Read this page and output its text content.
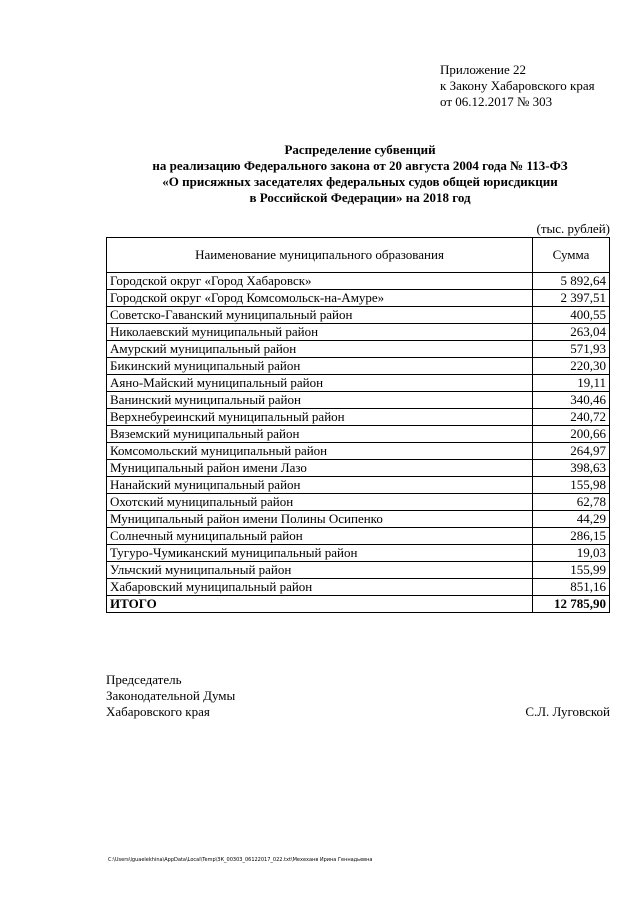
Приложение 22
к Закону Хабаровского края
от 06.12.2017 № 303
Распределение субвенций
на реализацию Федерального закона от 20 августа 2004 года № 113-ФЗ
«О присяжных заседателях федеральных судов общей юрисдикции
в Российской Федерации» на 2018 год
(тыс. рублей)
Наименование муниципального образования	Сумма
Городской округ «Город Хабаровск»	5 892,64
Городской округ «Город Комсомольск-на-Амуре»	2 397,51
Советско-Гаванский муниципальный район	400,55
Николаевский муниципальный район	263,04
Амурский муниципальный район	571,93
Бикинский муниципальный район	220,30
Аяно-Майский муниципальный район	19,11
Ванинский муниципальный район	340,46
Верхнебуреинский муниципальный район	240,72
Вяземский муниципальный район	200,66
Комсомольский муниципальный район	264,97
Муниципальный район имени Лазо	398,63
Нанайский муниципальный район	155,98
Охотский муниципальный район	62,78
Муниципальный район имени Полины Осипенко	44,29
Солнечный муниципальный район	286,15
Тугуро-Чумиканский муниципальный район	19,03
Ульчский муниципальный район	155,99
Хабаровский муниципальный район	851,16
ИТОГО	12 785,90
Председатель
Законодательной Думы
Хабаровского края	С.Л. Луговской
C:\Users\iguaelekhina\AppData\Local\Temp\ЗК_00303_06122017_022.txt\Мехеханв Ирина Геннадьевна
